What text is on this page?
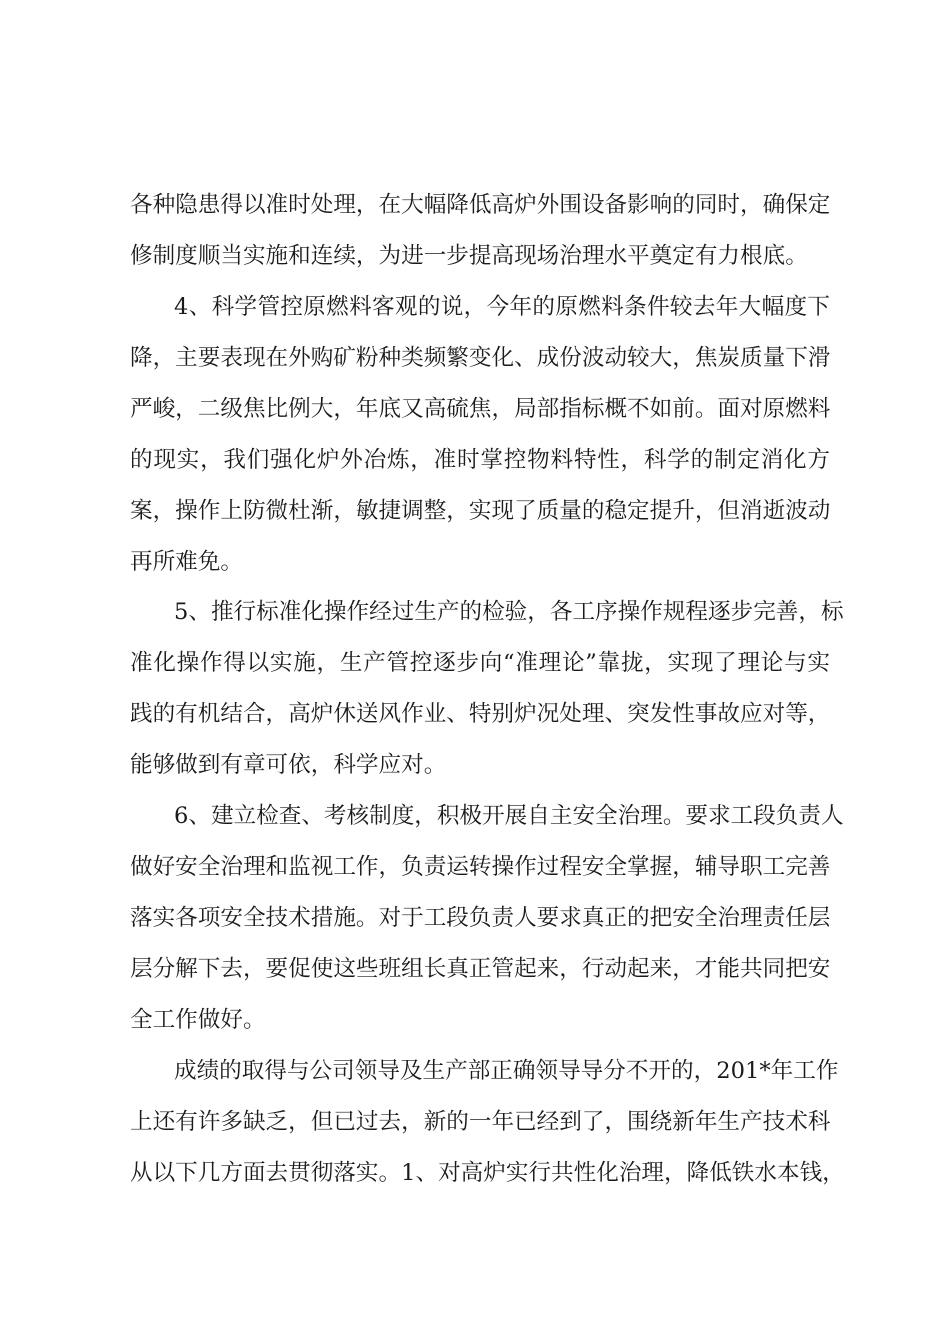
各种隐患得以准时处理，在大幅降低高炉外围设备影响的同时，确保定
修制度顺当实施和连续，为进一步提高现场治理水平奠定有力根底。
4、科学管控原燃料客观的说，今年的原燃料条件较去年大幅度下
降，主要表现在外购矿粉种类频繁变化、成份波动较大，焦炭质量下滑
严峻，二级焦比例大，年底又高硫焦，局部指标概不如前。面对原燃料
的现实，我们强化炉外冶炼，准时掌控物料特性，科学的制定消化方
案，操作上防微杜渐，敏捷调整，实现了质量的稳定提升，但消逝波动
再所难免。
5、推行标准化操作经过生产的检验，各工序操作规程逐步完善，标
准化操作得以实施，生产管控逐步向“准理论”靠拢，实现了理论与实
践的有机结合，高炉休送风作业、特别炉况处理、突发性事故应对等，
能够做到有章可依，科学应对。
6、建立检查、考核制度，积极开展自主安全治理。要求工段负责人
做好安全治理和监视工作，负责运转操作过程安全掌握，辅导职工完善
落实各项安全技术措施。对于工段负责人要求真正的把安全治理责任层
层分解下去，要促使这些班组长真正管起来，行动起来，才能共同把安
全工作做好。
成绩的取得与公司领导及生产部正确领导导分不开的，201*年工作
上还有许多缺乏，但已过去，新的一年已经到了，围绕新年生产技术科
从以下几方面去贯彻落实。1、对高炉实行共性化治理，降低铁水本钱，
